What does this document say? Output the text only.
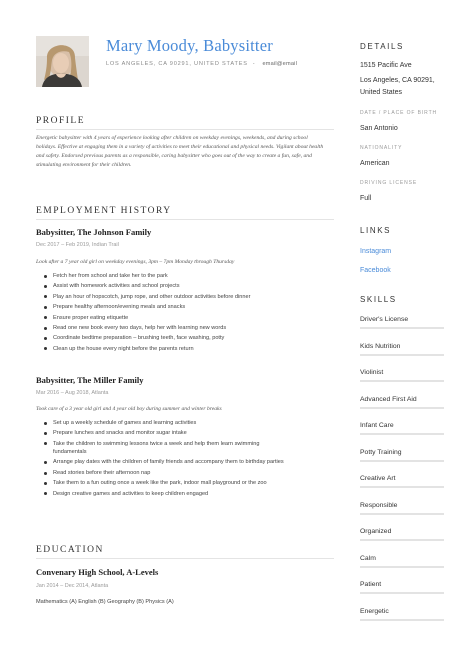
Mary Moody, Babysitter
LOS ANGELES, CA 90291, UNITED STATES - email@email
PROFILE
Energetic babysitter with 4 years of experience looking after children on weekday evenings, weekends, and during school holidays. Effective at engaging them in a variety of activities to meet their educational and physical needs. Vigilant about health and safety. Endorsed previous parents as a responsible, caring babysitter who goes out of the way to create a fun, safe, and stimulating environment for their children.
EMPLOYMENT HISTORY
Babysitter, The Johnson Family
Dec 2017 – Feb 2019, Indian Trail
Look after a 7 year old girl on weekday evenings, 3pm – 7pm Monday through Thursday
Fetch her from school and take her to the park
Assist with homework activities and school projects
Play an hour of hopscotch, jump rope, and other outdoor activities before dinner
Prepare healthy afternoon/evening meals and snacks
Ensure proper eating etiquette
Read one new book every two days, help her with learning new words
Coordinate bedtime preparation – brushing teeth, face washing, potty
Clean up the house every night before the parents return
Babysitter, The Miller Family
Mar 2016 – Aug 2018, Atlanta
Took care of a 3 year old girl and 4 year old boy during summer and winter breaks
Set up a weekly schedule of games and learning activities
Prepare lunches and snacks and monitor sugar intake
Take the children to swimming lessons twice a week and help them learn swimming fundamentals
Arrange play dates with the children of family friends and accompany them to birthday parties
Read stories before their afternoon nap
Take them to a fun outing once a week like the park, indoor mall playground or the zoo
Design creative games and activities to keep children engaged
EDUCATION
Convenary High School, A-Levels
Jan 2014 – Dec 2014, Atlanta
Mathematics (A) English (B) Geography (B) Physics (A)
DETAILS
1515 Pacific Ave
Los Angeles, CA 90291, United States
DATE / PLACE OF BIRTH
San Antonio
NATIONALITY
American
DRIVING LICENSE
Full
LINKS
Instagram
Facebook
SKILLS
Driver's License
Kids Nutrition
Violinist
Advanced First Aid
Infant Care
Potty Training
Creative Art
Responsible
Organized
Calm
Patient
Energetic
